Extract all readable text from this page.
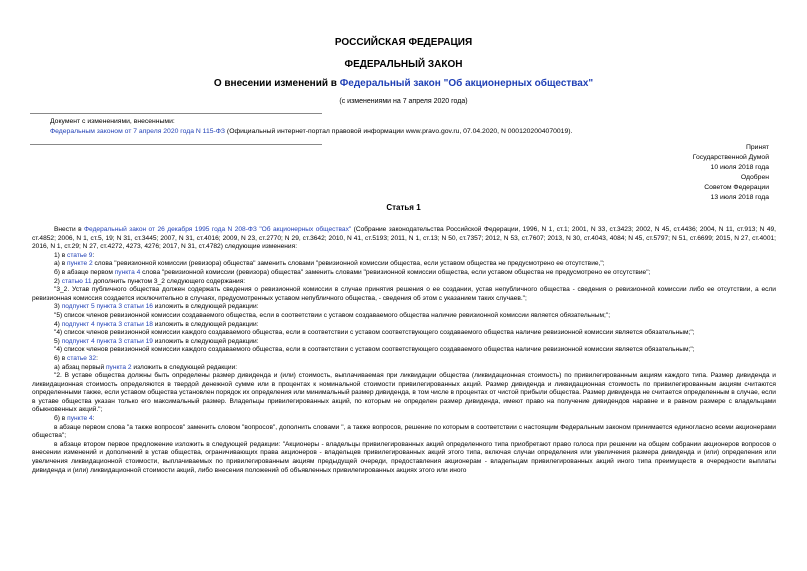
РОССИЙСКАЯ ФЕДЕРАЦИЯ
ФЕДЕРАЛЬНЫЙ ЗАКОН
О внесении изменений в Федеральный закон "Об акционерных обществах"
(с изменениями на 7 апреля 2020 года)
Документ с изменениями, внесенными:
Федеральным законом от 7 апреля 2020 года N 115-ФЗ (Официальный интернет-портал правовой информации www.pravo.gov.ru, 07.04.2020, N 0001202004070019).
Принят
Государственной Думой
10 июля 2018 года
Одобрен
Советом Федерации
13 июля 2018 года
Статья 1

Внести в Федеральный закон от 26 декабря 1995 года N 208-ФЗ "Об акционерных обществах" (Собрание законодательства Российской Федерации, 1996, N 1, ст.1; 2001, N 33, ст.3423; 2002, N 45, ст.4436; 2004, N 11, ст.913; N 49, ст.4852; 2006, N 1, ст.5, 19; N 31, ст.3445; 2007, N 31, ст.4016; 2009, N 23, ст.2770; N 29, ст.3642; 2010, N 41, ст.5193; 2011, N 1, ст.13; N 50, ст.7357; 2012, N 53, ст.7607; 2013, N 30, ст.4043, 4084; N 45, ст.5797; N 51, ст.6699; 2015, N 27, ст.4001; 2016, N 1, ст.29; N 27, ст.4272, 4273, 4276; 2017, N 31, ст.4782) следующие изменения:

1) в статье 9:

а) в пункте 2 слова "ревизионной комиссии (ревизора) общества" заменить словами "ревизионной комиссии общества, если уставом общества не предусмотрено ее отсутствие,";

б) в абзаце первом пункта 4 слова "ревизионной комиссии (ревизора) общества" заменить словами "ревизионной комиссии общества, если уставом общества не предусмотрено ее отсутствие";

2) статью 11 дополнить пунктом 3_2 следующего содержания:

"3_2. Устав публичного общества должен содержать сведения о ревизионной комиссии в случае принятия решения о ее создании, устав непубличного общества - сведения о ревизионной комиссии либо ее отсутствии, а если ревизионная комиссия создается исключительно в случаях, предусмотренных уставом непубличного общества, - сведения об этом с указанием таких случаев.";

3) подпункт 5 пункта 3 статьи 16 изложить в следующей редакции:

"5) список членов ревизионной комиссии создаваемого общества, если в соответствии с уставом создаваемого общества наличие ревизионной комиссии является обязательным;";

4) подпункт 4 пункта 3 статьи 18 изложить в следующей редакции:

"4) список членов ревизионной комиссии каждого создаваемого общества, если в соответствии с уставом соответствующего создаваемого общества наличие ревизионной комиссии является обязательным;";

5) подпункт 4 пункта 3 статьи 19 изложить в следующей редакции:

"4) список членов ревизионной комиссии каждого создаваемого общества, если в соответствии с уставом соответствующего создаваемого общества наличие ревизионной комиссии является обязательным;";

6) в статье 32:

а) абзац первый пункта 2 изложить в следующей редакции:

"2. В уставе общества должны быть определены размер дивиденда и (или) стоимость, выплачиваемая при ликвидации общества (ликвидационная стоимость) по привилегированным акциям каждого типа. Размер дивиденда и ликвидационная стоимость определяются в твердой денежной сумме или в процентах к номинальной стоимости привилегированных акций. Размер дивиденда и ликвидационная стоимость по привилегированным акциям считаются определенными также, если уставом общества установлен порядок их определения или минимальный размер дивиденда, в том числе в процентах от чистой прибыли общества. Размер дивиденда не считается определенным в случае, если в уставе общества указан только его максимальный размер. Владельцы привилегированных акций, по которым не определен размер дивиденда, имеют право на получение дивидендов наравне и в равном размере с владельцами обыкновенных акций.";

б) в пункте 4:

в абзаце первом слова "а также вопросов" заменить словом "вопросов", дополнить словами ", а также вопросов, решение по которым в соответствии с настоящим Федеральным законом принимается единогласно всеми акционерами общества";

в абзаце втором первое предложение изложить в следующей редакции: "Акционеры - владельцы привилегированных акций определенного типа приобретают право голоса при решении на общем собрании акционеров вопросов о внесении изменений и дополнений в устав общества, ограничивающих права акционеров - владельцев привилегированных акций этого типа, включая случаи определения или увеличения размера дивиденда и (или) определения или увеличения ликвидационной стоимости, выплачиваемых по привилегированным акциям предыдущей очереди, предоставления акционерам - владельцам привилегированных акций иного типа преимуществ в очередности выплаты дивиденда и (или) ликвидационной стоимости акций, либо внесения положений об объявленных привилегированных акциях этого или иного
